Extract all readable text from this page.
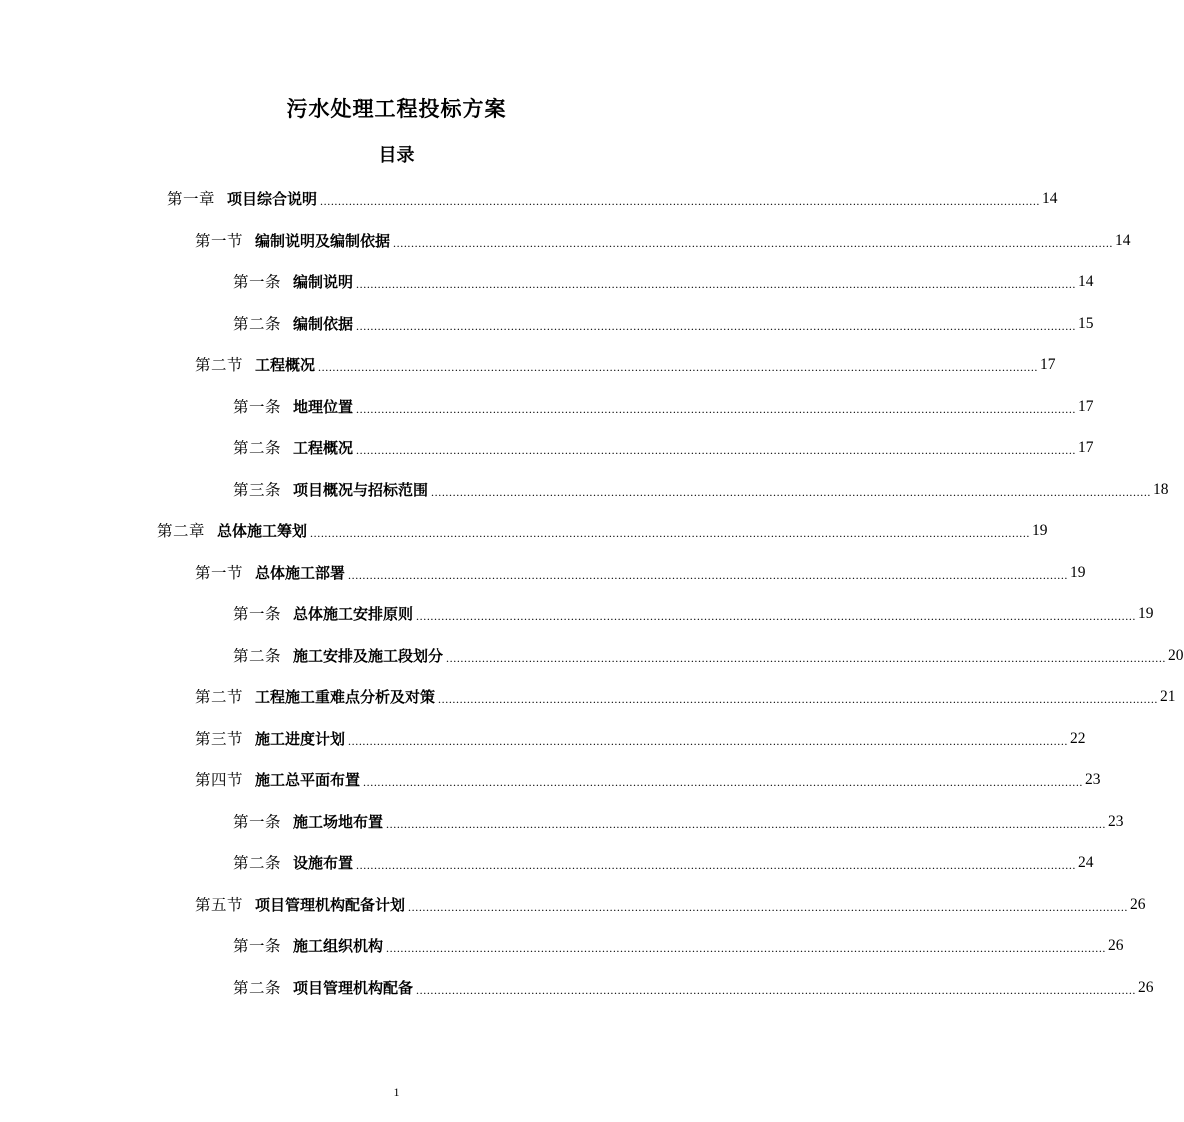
污水处理工程投标方案
目录
第一章 项目综合说明 ........................................................................................................................................................................................................ 14
第一节 编制说明及编制依据 ........................................................................................................................................................................................................ 14
第一条 编制说明 ........................................................................................................................................................................................................ 14
第二条 编制依据 ........................................................................................................................................................................................................ 15
第二节 工程概况 ........................................................................................................................................................................................................ 17
第一条 地理位置 ........................................................................................................................................................................................................ 17
第二条 工程概况 ........................................................................................................................................................................................................ 17
第三条 项目概况与招标范围 ........................................................................................................................................................................................................ 18
第二章 总体施工筹划 ........................................................................................................................................................................................................ 19
第一节 总体施工部署 ........................................................................................................................................................................................................ 19
第一条 总体施工安排原则 ........................................................................................................................................................................................................ 19
第二条 施工安排及施工段划分 ........................................................................................................................................................................................................ 20
第二节 工程施工重难点分析及对策 ........................................................................................................................................................................................................ 21
第三节 施工进度计划 ........................................................................................................................................................................................................ 22
第四节 施工总平面布置 ........................................................................................................................................................................................................ 23
第一条 施工场地布置 ........................................................................................................................................................................................................ 23
第二条 设施布置 ........................................................................................................................................................................................................ 24
第五节 项目管理机构配备计划 ........................................................................................................................................................................................................ 26
第一条 施工组织机构 ........................................................................................................................................................................................................ 26
第二条 项目管理机构配备 ........................................................................................................................................................................................................ 26
1
